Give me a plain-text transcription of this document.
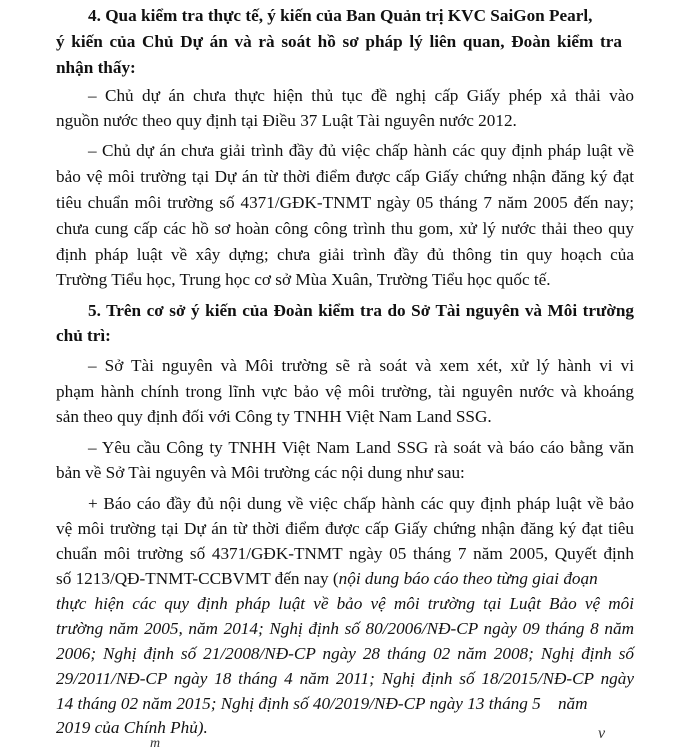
4. Qua kiểm tra thực tế, ý kiến của Ban Quản trị KVC SaiGon Pearl,
ý kiến của Chủ Dự án và rà soát hồ sơ pháp lý liên quan, Đoàn kiểm tra
nhận thấy:
– Chủ dự án chưa thực hiện thủ tục đề nghị cấp Giấy phép xả thải vào
nguồn nước theo quy định tại Điều 37 Luật Tài nguyên nước 2012.
– Chủ dự án chưa giải trình đầy đủ việc chấp hành các quy định pháp luật về
bảo vệ môi trường tại Dự án từ thời điểm được cấp Giấy chứng nhận đăng ký đạt
tiêu chuẩn môi trường số 4371/GĐK-TNMT ngày 05 tháng 7 năm 2005 đến nay;
chưa cung cấp các hồ sơ hoàn công công trình thu gom, xử lý nước thải theo quy
định pháp luật về xây dựng; chưa giải trình đầy đủ thông tin quy hoạch của
Trường Tiểu học, Trung học cơ sở Mùa Xuân, Trường Tiểu học quốc tế.
5. Trên cơ sở ý kiến của Đoàn kiểm tra do Sở Tài nguyên và Môi trường
chủ trì:
– Sở Tài nguyên và Môi trường sẽ rà soát và xem xét, xử lý hành vi vi
phạm hành chính trong lĩnh vực bảo vệ môi trường, tài nguyên nước và khoáng
sản theo quy định đối với Công ty TNHH Việt Nam Land SSG.
– Yêu cầu Công ty TNHH Việt Nam Land SSG rà soát và báo cáo bằng văn
bản về Sở Tài nguyên và Môi trường các nội dung như sau:
+ Báo cáo đầy đủ nội dung về việc chấp hành các quy định pháp luật về bảo
vệ môi trường tại Dự án từ thời điểm được cấp Giấy chứng nhận đăng ký đạt tiêu
chuẩn môi trường số 4371/GĐK-TNMT ngày 05 tháng 7 năm 2005, Quyết định
số 1213/QĐ-TNMT-CCBVMT đến nay (nội dung báo cáo theo từng giai đoạn
thực hiện các quy định pháp luật về bảo vệ môi trường tại Luật Bảo vệ môi
trường năm 2005, năm 2014; Nghị định số 80/2006/NĐ-CP ngày 09 tháng 8 năm
2006; Nghị định số 21/2008/NĐ-CP ngày 28 tháng 02 năm 2008; Nghị định số
29/2011/NĐ-CP ngày 18 tháng 4 năm 2011; Nghị định số 18/2015/NĐ-CP ngày
14 tháng 02 năm 2015; Nghị định số 40/2019/NĐ-CP ngày 13 tháng 5    năm
2019 của Chính Phủ).
m
v
